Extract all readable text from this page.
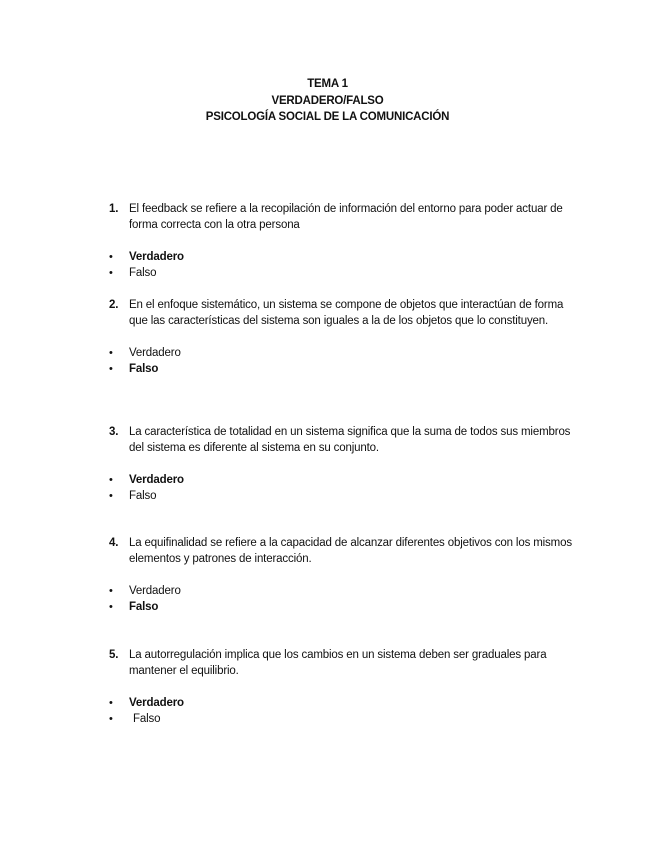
TEMA 1
VERDADERO/FALSO
PSICOLOGÍA SOCIAL DE LA COMUNICACIÓN
1. El feedback se refiere a la recopilación de información del entorno para poder actuar de forma correcta con la otra persona
• Verdadero
• Falso
2. En el enfoque sistemático, un sistema se compone de objetos que interactúan de forma que las características del sistema son iguales a la de los objetos que lo constituyen.
• Verdadero
• Falso
3. La característica de totalidad en un sistema significa que la suma de todos sus miembros del sistema es diferente al sistema en su conjunto.
• Verdadero
• Falso
4. La equifinalidad se refiere a la capacidad de alcanzar diferentes objetivos con los mismos elementos y patrones de interacción.
• Verdadero
• Falso
5. La autorregulación implica que los cambios en un sistema deben ser graduales para mantener el equilibrio.
• Verdadero
• Falso
